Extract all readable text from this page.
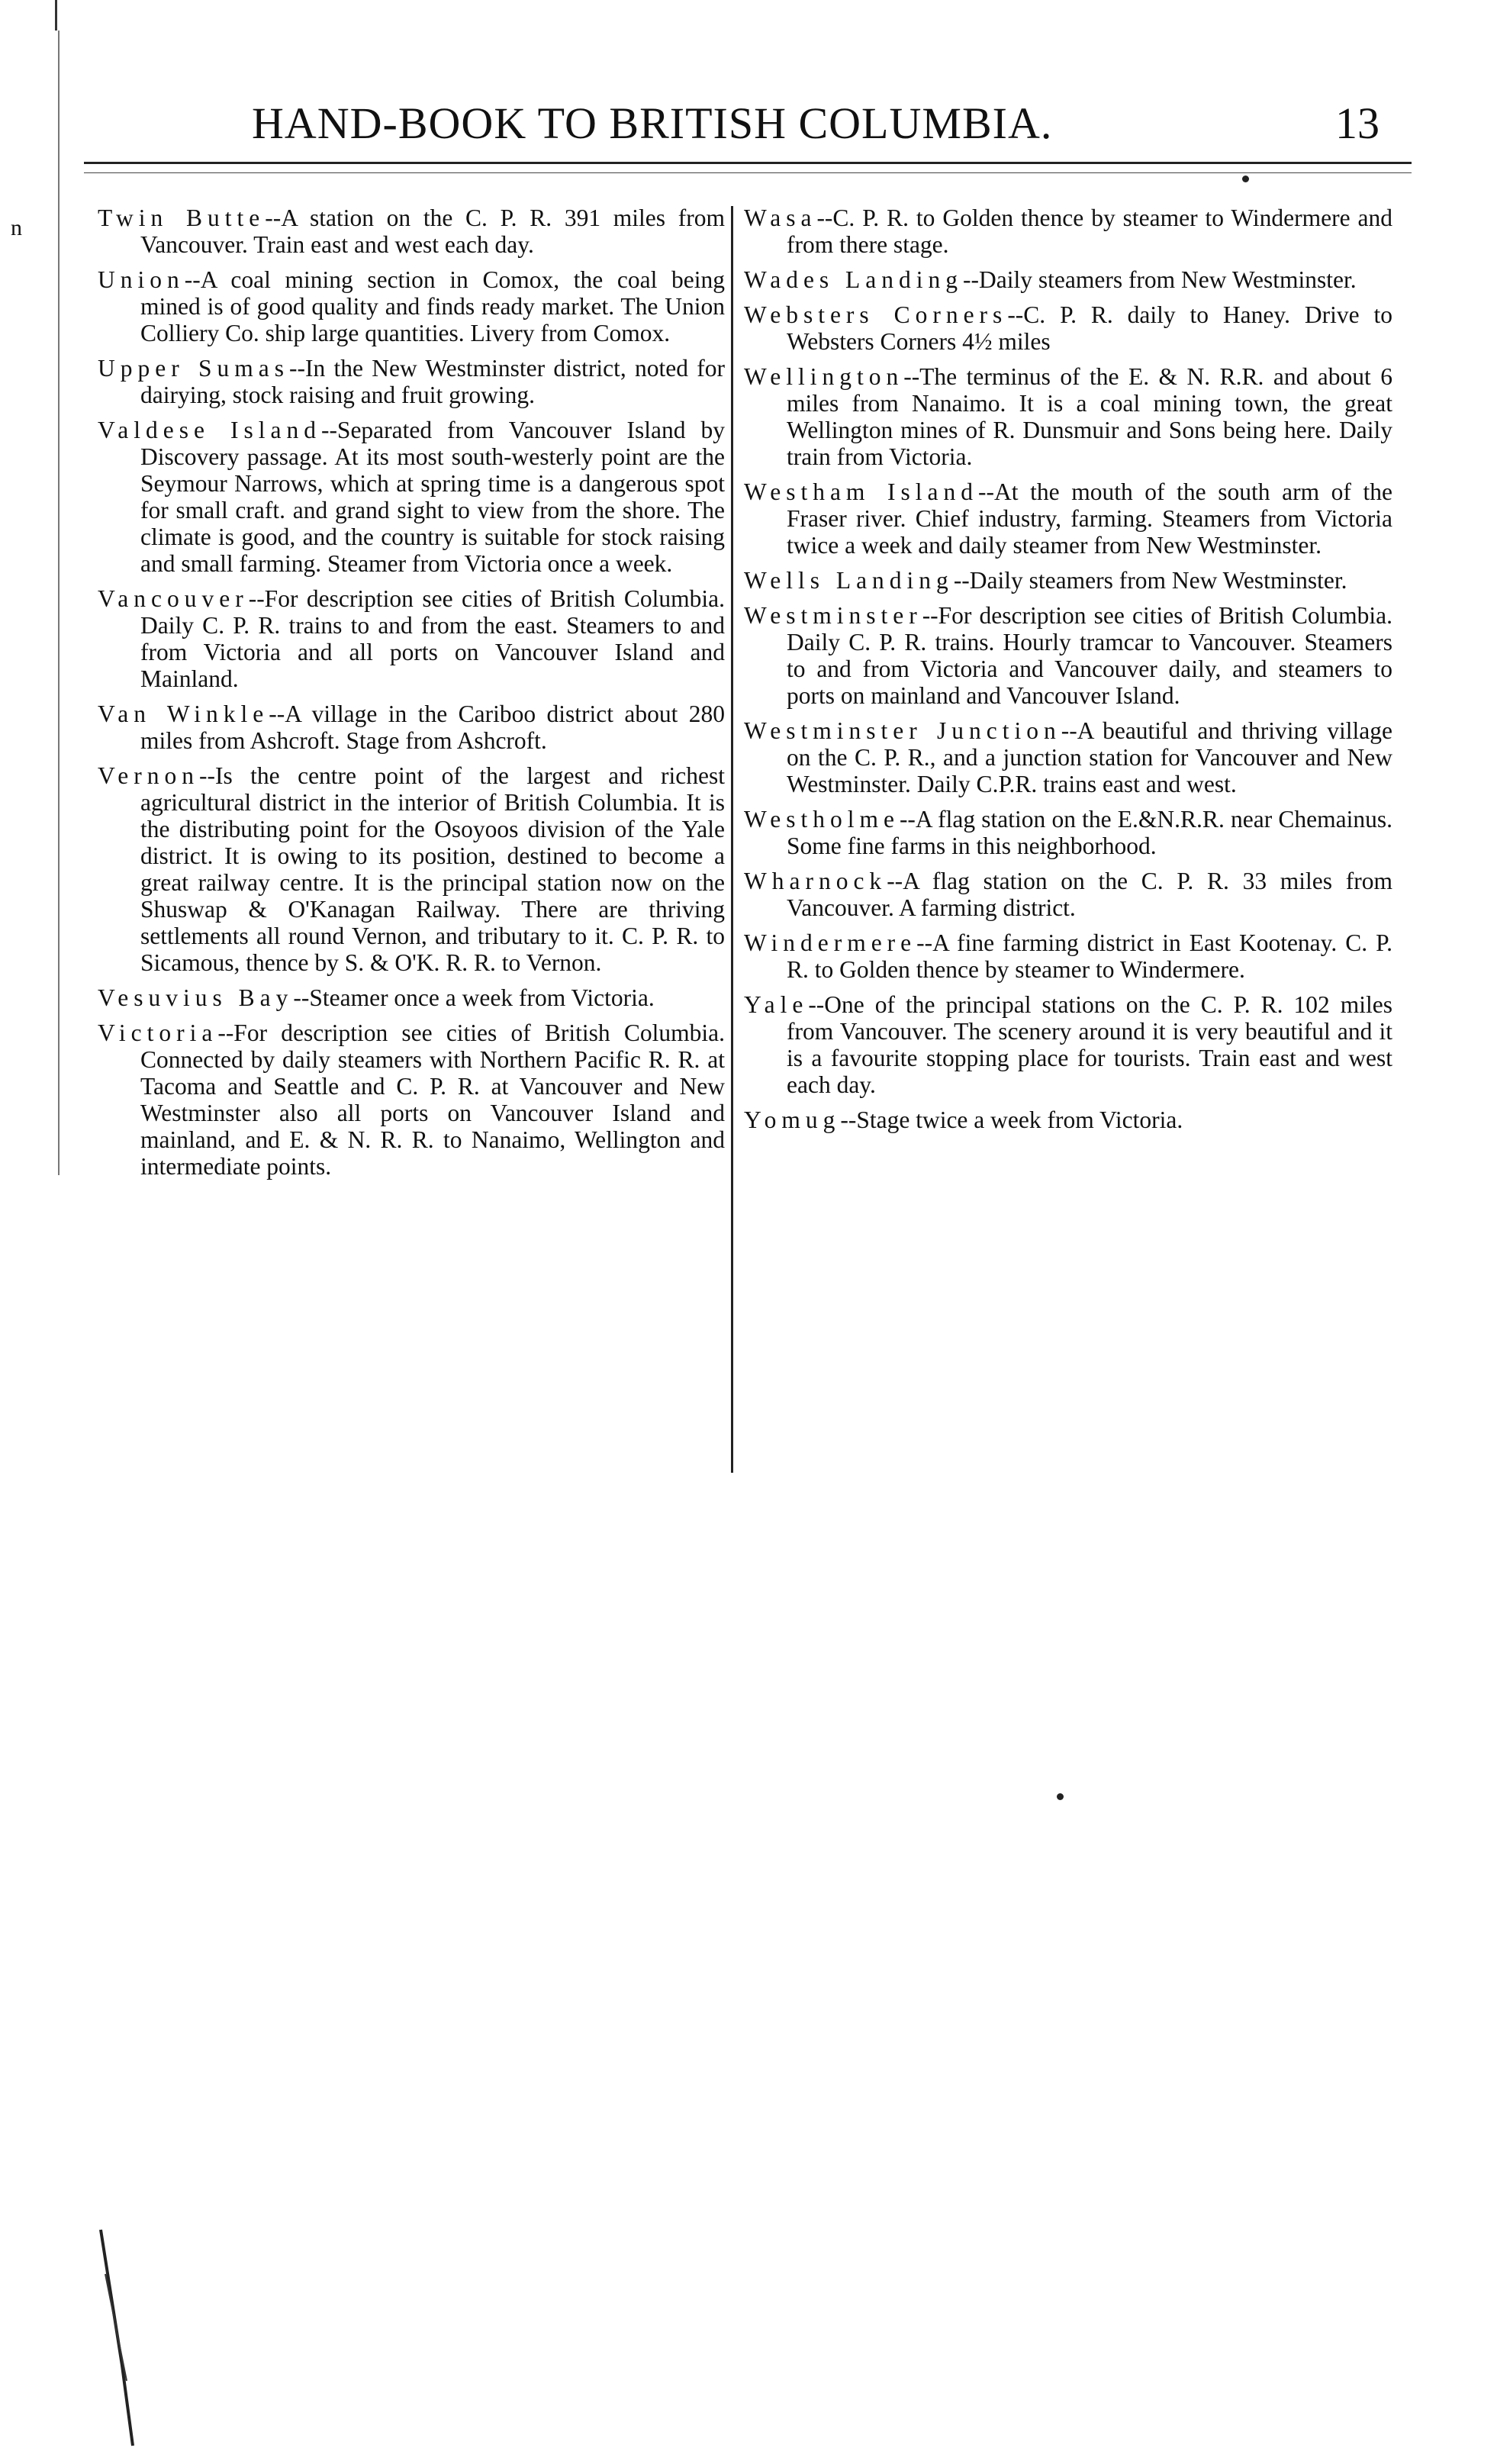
HAND-BOOK TO BRITISH COLUMBIA.	13
n	Twin Butte--A station on the C. P. R. 391 miles from Vancouver. Train east and west each day.

Union--A coal mining section in Comox, the coal being mined is of good quality and finds ready market. The Union Colliery Co. ship large quantities. Livery from Comox.

Upper Sumas--In the New Westminster district, noted for dairying, stock raising and fruit growing.

Valdese Island--Separated from Vancouver Island by Discovery passage. At its most south-westerly point are the Seymour Narrows, which at spring time is a dangerous spot for small craft. and grand sight to view from the shore. The climate is good, and the country is suitable for stock raising and small farming. Steamer from Victoria once a week.

Vancouver--For description see cities of British Columbia. Daily C. P. R. trains to and from the east. Steamers to and from Victoria and all ports on Vancouver Island and Mainland.

Van Winkle--A village in the Cariboo district about 280 miles from Ashcroft. Stage from Ashcroft.

Vernon--Is the centre point of the largest and richest agricultural district in the interior of British Columbia. It is the distributing point for the Osoyoos division of the Yale district. It is owing to its position, destined to become a great railway centre. It is the principal station now on the Shuswap & O'Kanagan Railway. There are thriving settlements all round Vernon, and tributary to it. C. P. R. to Sicamous, thence by S. & O'K. R. R. to Vernon.

Vesuvius Bay--Steamer once a week from Victoria.

Victoria--For description see cities of British Columbia. Connected by daily steamers with Northern Pacific R. R. at Tacoma and Seattle and C. P. R. at Vancouver and New Westminster also all ports on Vancouver Island and mainland, and E. & N. R. R. to Nanaimo, Wellington and intermediate points.

Wasa--C. P. R. to Golden thence by steamer to Windermere and from there stage.

Wades Landing--Daily steamers from New Westminster.

Websters Corners--C. P. R. daily to Haney. Drive to Websters Corners 4½ miles

Wellington--The terminus of the E. & N. R.R. and about 6 miles from Nanaimo. It is a coal mining town, the great Wellington mines of R. Dunsmuir and Sons being here. Daily train from Victoria.

Westham Island--At the mouth of the south arm of the Fraser river. Chief industry, farming. Steamers from Victoria twice a week and daily steamer from New Westminster.

Wells Landing--Daily steamers from New Westminster.

Westminster--For description see cities of British Columbia. Daily C. P. R. trains. Hourly tramcar to Vancouver. Steamers to and from Victoria and Vancouver daily, and steamers to ports on mainland and Vancouver Island.

Westminster Junction--A beautiful and thriving village on the C. P. R., and a junction station for Vancouver and New Westminster. Daily C.P.R. trains east and west.

Westholme--A flag station on the E.&N.R.R. near Chemainus. Some fine farms in this neighborhood.

Wharnock--A flag station on the C. P. R. 33 miles from Vancouver. A farming district.

Windermere--A fine farming district in East Kootenay. C. P. R. to Golden thence by steamer to Windermere.

Yale--One of the principal stations on the C. P. R. 102 miles from Vancouver. The scenery around it is very beautiful and it is a favourite stopping place for tourists. Train east and west each day.

Yomug--Stage twice a week from Victoria.
